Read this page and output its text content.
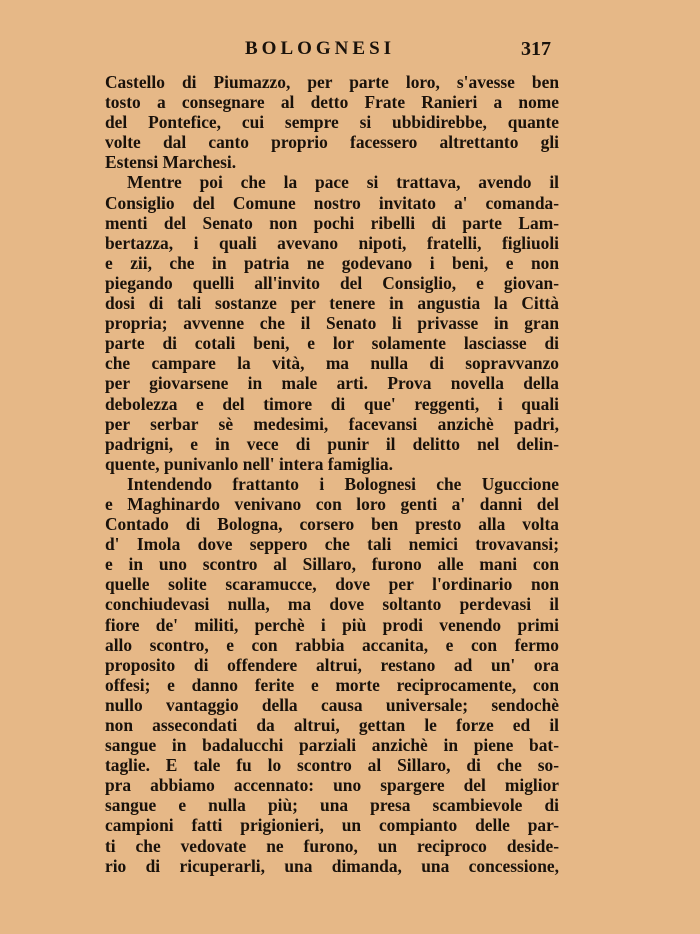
BOLOGNESI	317
Castello di Piumazzo, per parte loro, s'avesse ben
tosto a consegnare al detto Frate Ranieri a nome
del Pontefice, cui sempre si ubbidirebbe, quante
volte dal canto proprio facessero altrettanto gli
Estensi Marchesi.
Mentre poi che la pace si trattava, avendo il
Consiglio del Comune nostro invitato a' comanda-
menti del Senato non pochi ribelli di parte Lam-
bertazza, i quali avevano nipoti, fratelli, figliuoli
e zii, che in patria ne godevano i beni, e non
piegando quelli all'invito del Consiglio, e giovan-
dosi di tali sostanze per tenere in angustia la Città
propria; avvenne che il Senato li privasse in gran
parte di cotali beni, e lor solamente lasciasse di
che campare la vità, ma nulla di sopravvanzo
per giovarsene in male arti. Prova novella della
debolezza e del timore di que' reggenti, i quali
per serbar sè medesimi, facevansi anzichè padri,
padrigni, e in vece di punir il delitto nel delin-
quente, punivanlo nell' intera famiglia.
Intendendo frattanto i Bolognesi che Uguccione
e Maghinardo venivano con loro genti a' danni del
Contado di Bologna, corsero ben presto alla volta
d' Imola dove seppero che tali nemici trovavansi;
e in uno scontro al Sillaro, furono alle mani con
quelle solite scaramucce, dove per l'ordinario non
conchiudevasi nulla, ma dove soltanto perdevasi il
fiore de' militi, perchè i più prodi venendo primi
allo scontro, e con rabbia accanita, e con fermo
proposito di offendere altrui, restano ad un' ora
offesi; e danno ferite e morte reciprocamente, con
nullo vantaggio della causa universale; sendochè
non assecondati da altrui, gettan le forze ed il
sangue in badalucchi parziali anzichè in piene bat-
taglie. E tale fu lo scontro al Sillaro, di che so-
pra abbiamo accennato: uno spargere del miglior
sangue e nulla più; una presa scambievole di
campioni fatti prigionieri, un compianto delle par-
ti che vedovate ne furono, un reciproco deside-
rio di ricuperarli, una dimanda, una concessione,
